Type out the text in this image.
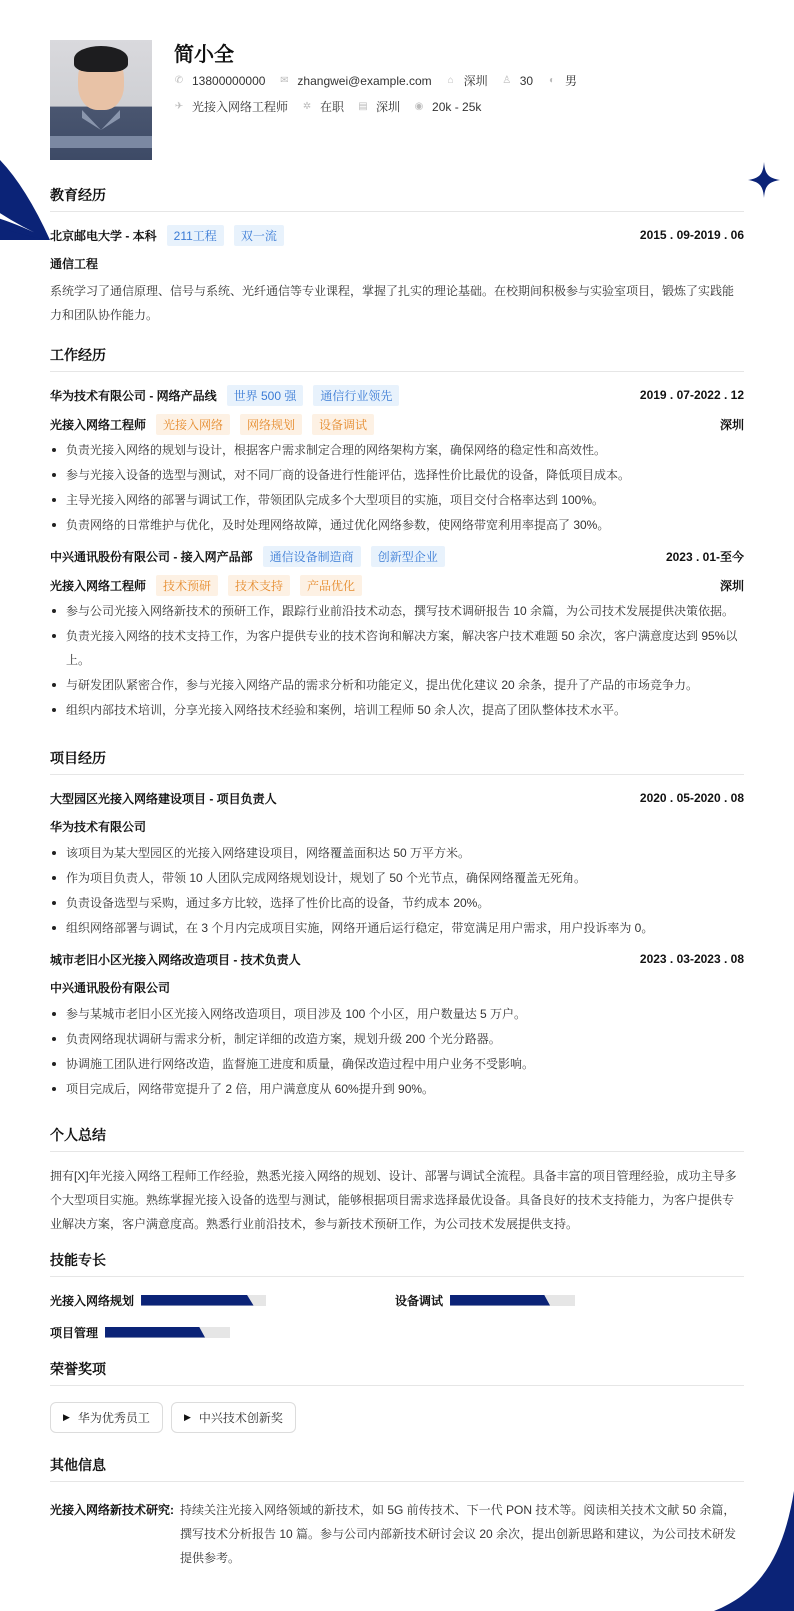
简小全
✆ 13800000000 ✉ zhangwei@example.com ⌂ 深圳 ♙ 30 ◐ 男
✈ 光接入网络工程师 ✲ 在职 ▤ 深圳 ◉ 20k - 25k
教育经历
北京邮电大学 - 本科	211工程	双一流	2015 . 09-2019 . 06
通信工程
系统学习了通信原理、信号与系统、光纤通信等专业课程，掌握了扎实的理论基础。在校期间积极参与实验室项目，锻炼了实践能力和团队协作能力。
工作经历
华为技术有限公司 - 网络产品线	世界 500 强	通信行业领先	2019 . 07-2022 . 12
光接入网络工程师	光接入网络	网络规划	设备调试	深圳
负责光接入网络的规划与设计，根据客户需求制定合理的网络架构方案，确保网络的稳定性和高效性。
参与光接入设备的选型与测试，对不同厂商的设备进行性能评估，选择性价比最优的设备，降低项目成本。
主导光接入网络的部署与调试工作，带领团队完成多个大型项目的实施，项目交付合格率达到 100%。
负责网络的日常维护与优化，及时处理网络故障，通过优化网络参数，使网络带宽利用率提高了 30%。
中兴通讯股份有限公司 - 接入网产品部	通信设备制造商	创新型企业	2023 . 01-至今
光接入网络工程师	技术预研	技术支持	产品优化	深圳
参与公司光接入网络新技术的预研工作，跟踪行业前沿技术动态，撰写技术调研报告 10 余篇，为公司技术发展提供决策依据。
负责光接入网络的技术支持工作，为客户提供专业的技术咨询和解决方案，解决客户技术难题 50 余次，客户满意度达到 95%以上。
与研发团队紧密合作，参与光接入网络产品的需求分析和功能定义，提出优化建议 20 余条，提升了产品的市场竞争力。
组织内部技术培训，分享光接入网络技术经验和案例，培训工程师 50 余人次，提高了团队整体技术水平。
项目经历
大型园区光接入网络建设项目 - 项目负责人	2020 . 05-2020 . 08
华为技术有限公司
该项目为某大型园区的光接入网络建设项目，网络覆盖面积达 50 万平方米。
作为项目负责人，带领 10 人团队完成网络规划设计，规划了 50 个光节点，确保网络覆盖无死角。
负责设备选型与采购，通过多方比较，选择了性价比高的设备，节约成本 20%。
组织网络部署与调试，在 3 个月内完成项目实施，网络开通后运行稳定，带宽满足用户需求，用户投诉率为 0。
城市老旧小区光接入网络改造项目 - 技术负责人	2023 . 03-2023 . 08
中兴通讯股份有限公司
参与某城市老旧小区光接入网络改造项目，项目涉及 100 个小区，用户数量达 5 万户。
负责网络现状调研与需求分析，制定详细的改造方案，规划升级 200 个光分路器。
协调施工团队进行网络改造，监督施工进度和质量，确保改造过程中用户业务不受影响。
项目完成后，网络带宽提升了 2 倍，用户满意度从 60%提升到 90%。
个人总结
拥有[X]年光接入网络工程师工作经验，熟悉光接入网络的规划、设计、部署与调试全流程。具备丰富的项目管理经验，成功主导多个大型项目实施。熟练掌握光接入设备的选型与测试，能够根据项目需求选择最优设备。具备良好的技术支持能力，为客户提供专业解决方案，客户满意度高。熟悉行业前沿技术，参与新技术预研工作，为公司技术发展提供支持。
技能专长
光接入网络规划	设备调试
项目管理
荣誉奖项
▶ 华为优秀员工	▶ 中兴技术创新奖
其他信息
光接入网络新技术研究: 持续关注光接入网络领域的新技术，如 5G 前传技术、下一代 PON 技术等。阅读相关技术文献 50 余篇，撰写技术分析报告 10 篇。参与公司内部新技术研讨会议 20 余次，提出创新思路和建议，为公司技术研发提供参考。
